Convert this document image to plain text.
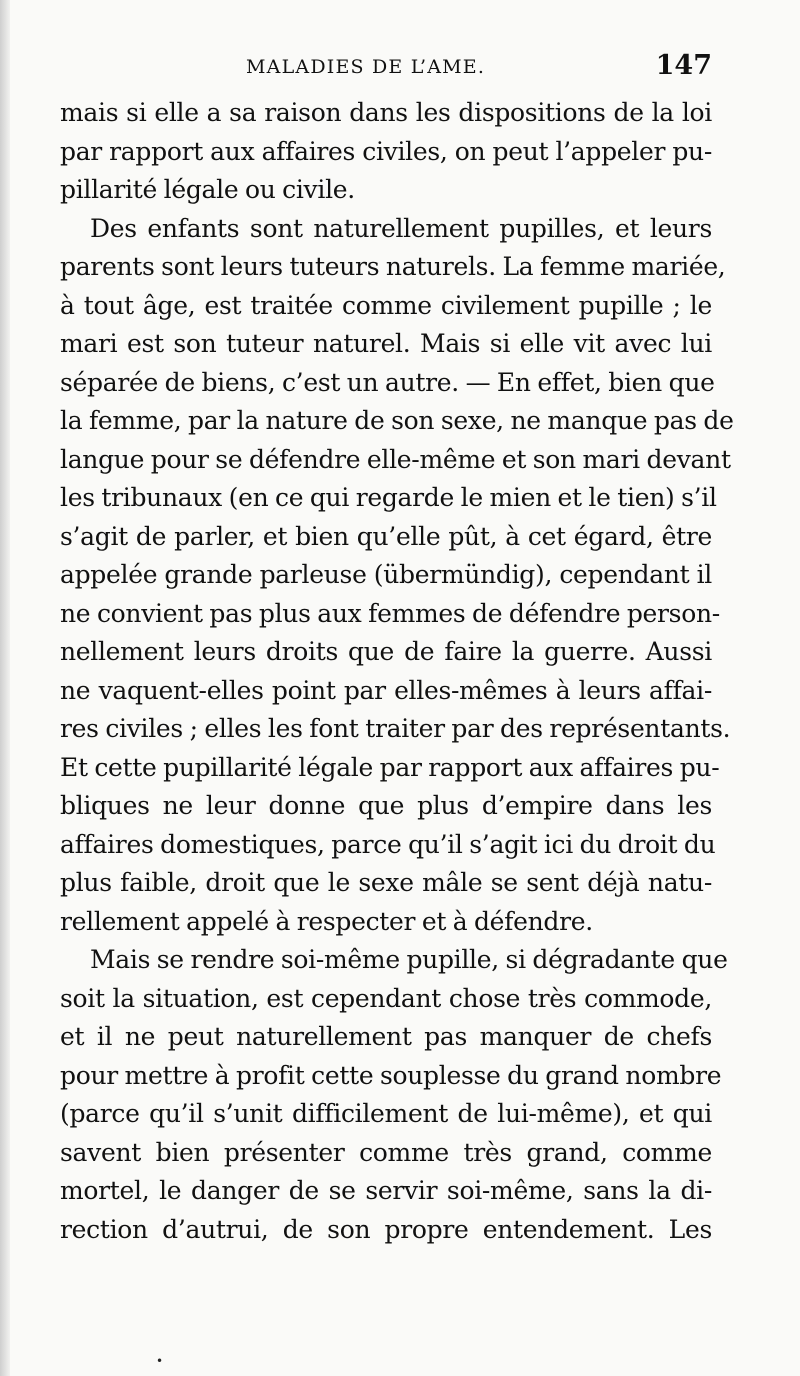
MALADIES DE L’AME.	147
mais si elle a sa raison dans les dispositions de la loi
par rapport aux affaires civiles, on peut l’appeler pu-
pillarité légale ou civile.
Des enfants sont naturellement pupilles, et leurs
parents sont leurs tuteurs naturels. La femme mariée,
à tout âge, est traitée comme civilement pupille ; le
mari est son tuteur naturel. Mais si elle vit avec lui
séparée de biens, c’est un autre. — En effet, bien que
la femme, par la nature de son sexe, ne manque pas de
langue pour se défendre elle-même et son mari devant
les tribunaux (en ce qui regarde le mien et le tien) s’il
s’agit de parler, et bien qu’elle pût, à cet égard, être
appelée grande parleuse (übermündig), cependant il
ne convient pas plus aux femmes de défendre person-
nellement leurs droits que de faire la guerre. Aussi
ne vaquent-elles point par elles-mêmes à leurs affai-
res civiles ; elles les font traiter par des représentants.
Et cette pupillarité légale par rapport aux affaires pu-
bliques ne leur donne que plus d’empire dans les
affaires domestiques, parce qu’il s’agit ici du droit du
plus faible, droit que le sexe mâle se sent déjà natu-
rellement appelé à respecter et à défendre.
Mais se rendre soi-même pupille, si dégradante que
soit la situation, est cependant chose très commode,
et il ne peut naturellement pas manquer de chefs
pour mettre à profit cette souplesse du grand nombre
(parce qu’il s’unit difficilement de lui-même), et qui
savent bien présenter comme très grand, comme
mortel, le danger de se servir soi-même, sans la di-
rection d’autrui, de son propre entendement. Les
•
